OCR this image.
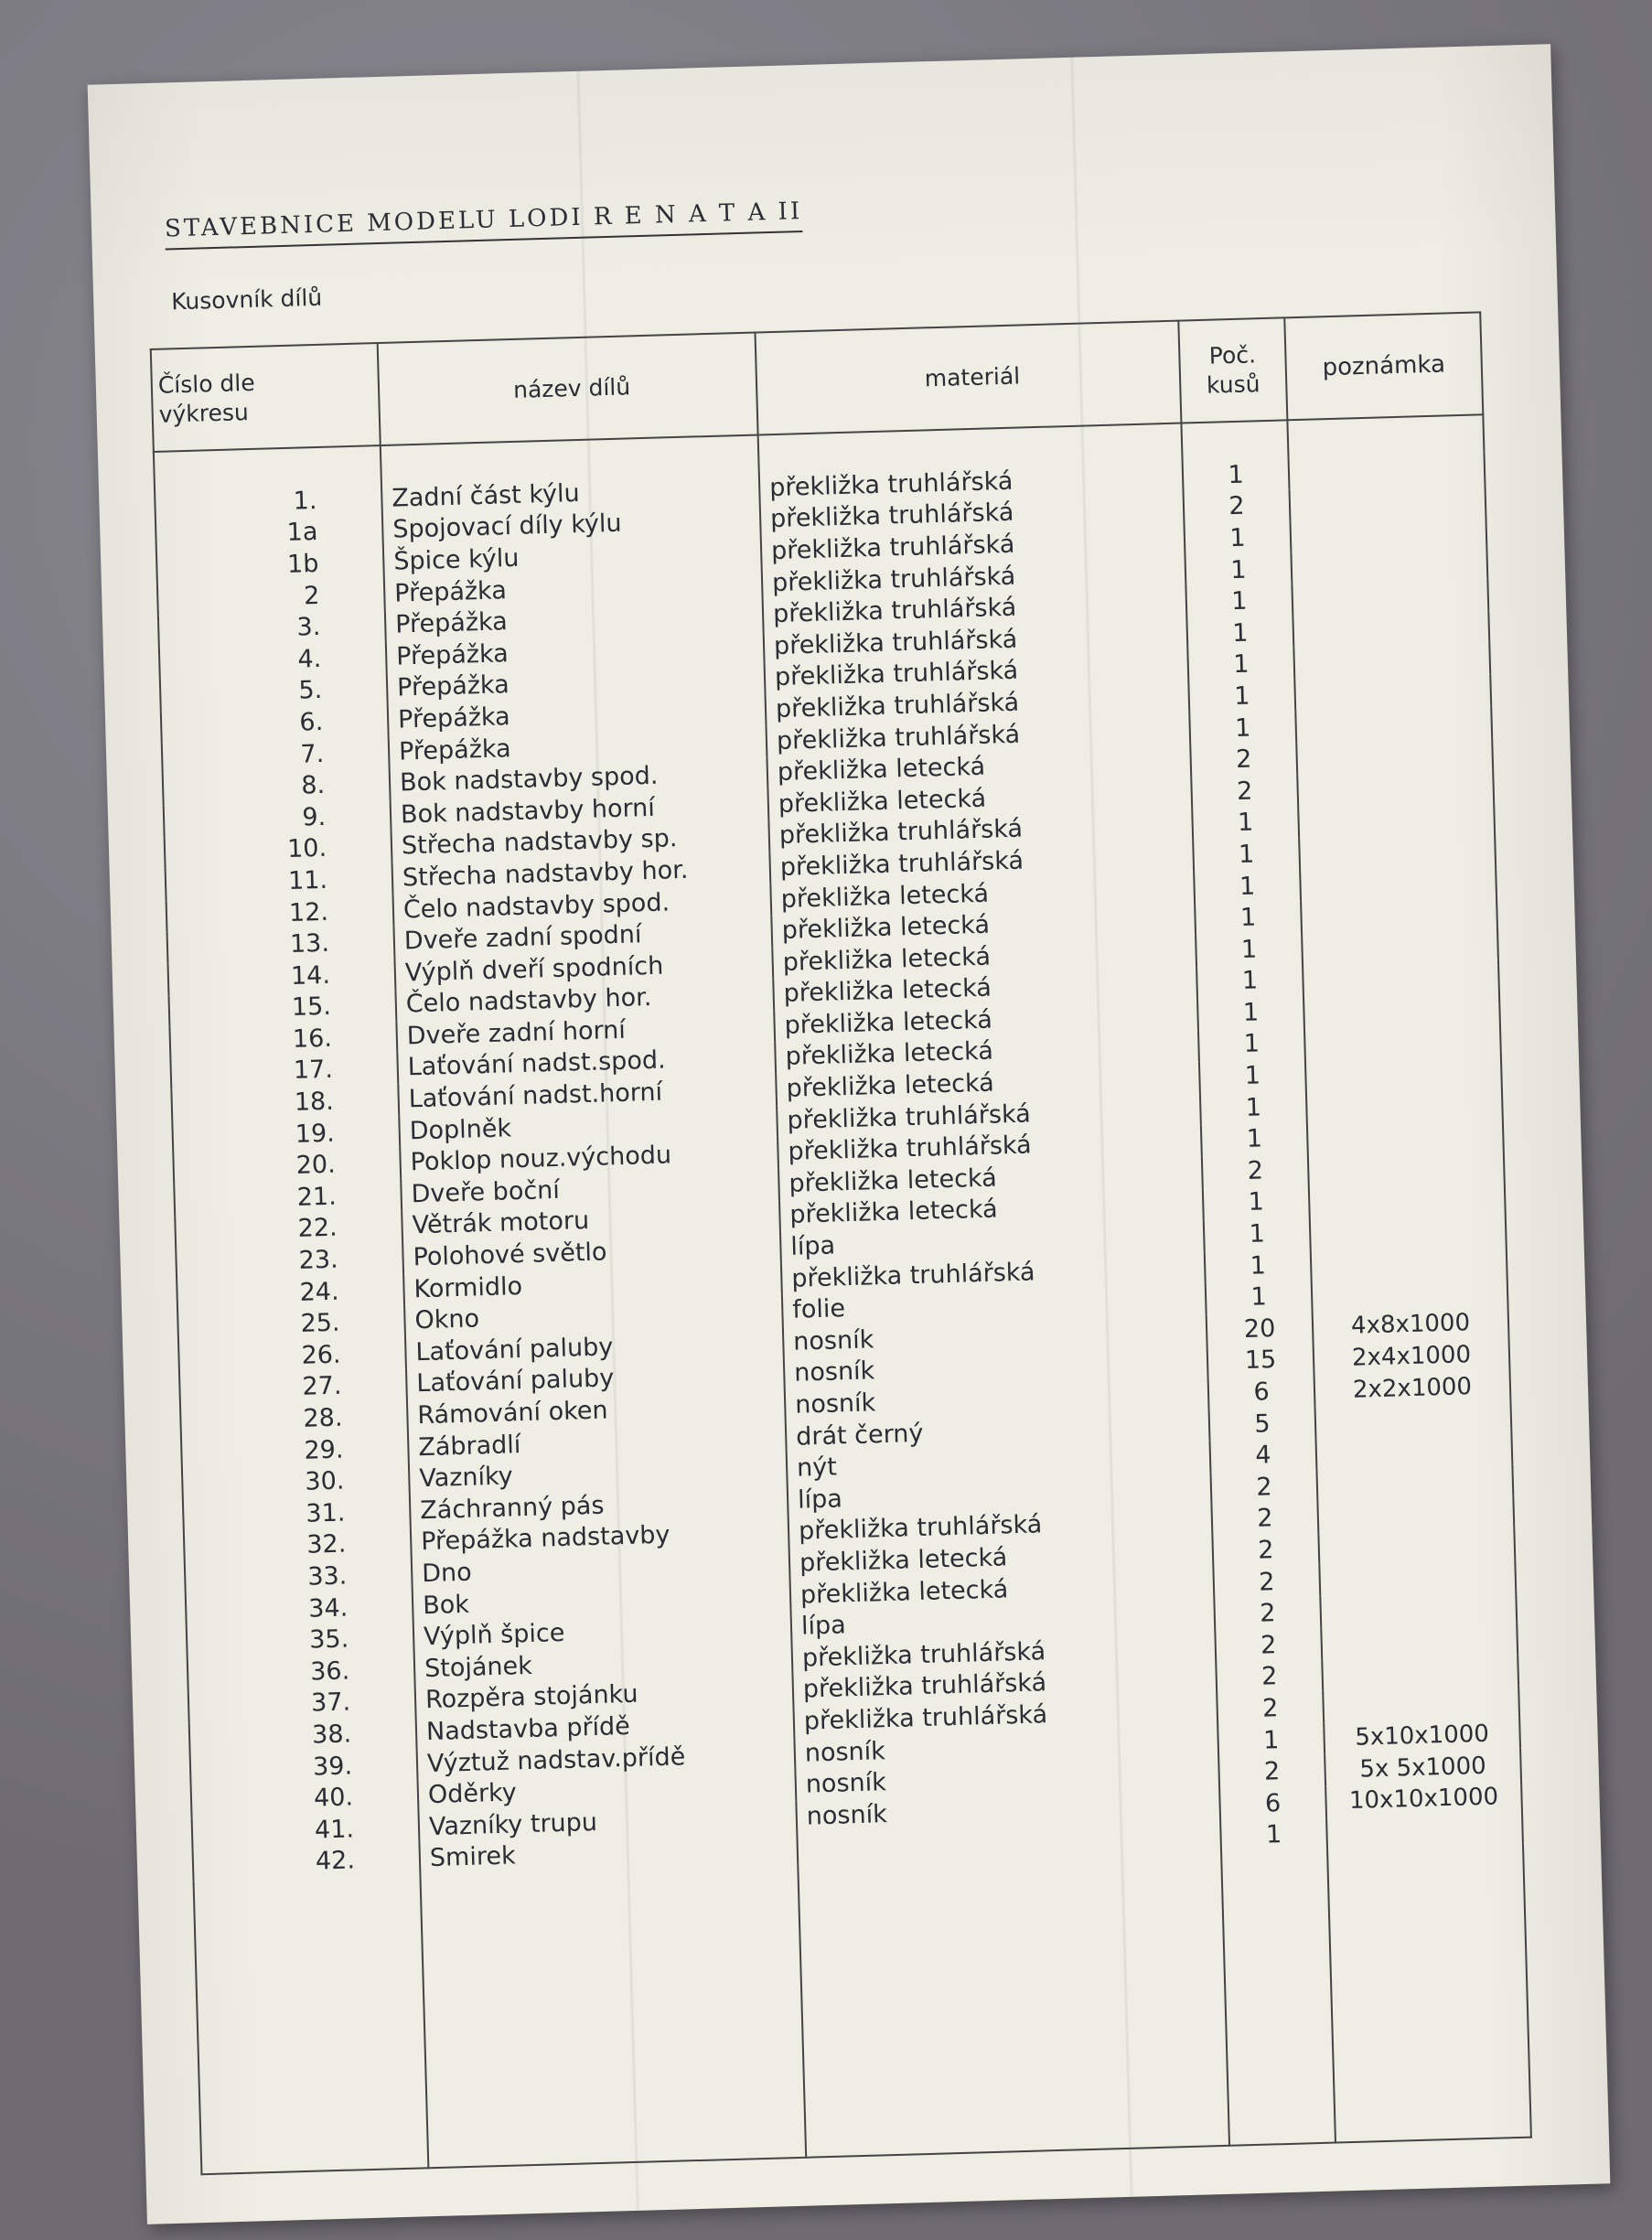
STAVEBNICE MODELU LODI R E N A T A II
Kusovník dílů
Číslo dle výkresu	název dílů	materiál	Poč. kusů	poznámka

1.	Zadní část kýlu	překližka truhlářská	1	
1a	Spojovací díly kýlu	překližka truhlářská	2	
1b	Špice kýlu	překližka truhlářská	1	
2	Přepážka	překližka truhlářská	1	
3.	Přepážka	překližka truhlářská	1	
4.	Přepážka	překližka truhlářská	1	
5.	Přepážka	překližka truhlářská	1	
6.	Přepážka	překližka truhlářská	1	
7.	Přepážka	překližka truhlářská	1	
8.	Bok nadstavby spod.	překližka letecká	2	
9.	Bok nadstavby horní	překližka letecká	2	
10.	Střecha nadstavby sp.	překližka truhlářská	1	
11.	Střecha nadstavby hor.	překližka truhlářská	1	
12.	Čelo nadstavby spod.	překližka letecká	1	
13.	Dveře zadní spodní	překližka letecká	1	
14.	Výplň dveří spodních	překližka letecká	1	
15.	Čelo nadstavby hor.	překližka letecká	1	
16.	Dveře zadní horní	překližka letecká	1	
17.	Laťování nadst.spod.	překližka letecká	1	
18.	Laťování nadst.horní	překližka letecká	1	
19.	Doplněk	překližka truhlářská	1	
20.	Poklop nouz.východu	překližka truhlářská	1	
21.	Dveře boční	překližka letecká	2	
22.	Větrák motoru	překližka letecká	1	
23.	Polohové světlo	lípa	1	
24.	Kormidlo	překližka truhlářská	1	
25.	Okno	folie	1	
26.	Laťování paluby	nosník	20	4x8x1000
27.	Laťování paluby	nosník	15	2x4x1000
28.	Rámování oken	nosník	6	2x2x1000
29.	Zábradlí	drát černý	5	
30.	Vazníky	nýt	4	
31.	Záchranný pás	lípa	2	
32.	Přepážka nadstavby	překližka truhlářská	2	
33.	Dno	překližka letecká	2	
34.	Bok	překližka letecká	2	
35.	Výplň špice	lípa	2	
36.	Stojánek	překližka truhlářská	2	
37.	Rozpěra stojánku	překližka truhlářská	2	
38.	Nadstavba přídě	překližka truhlářská	2	
39.	Výztuž nadstav.přídě	nosník	1	5x10x1000
40.	Oděrky	nosník	2	5x 5x1000
41.	Vazníky trupu	nosník	6	10x10x1000
42.	Smirek		1	
